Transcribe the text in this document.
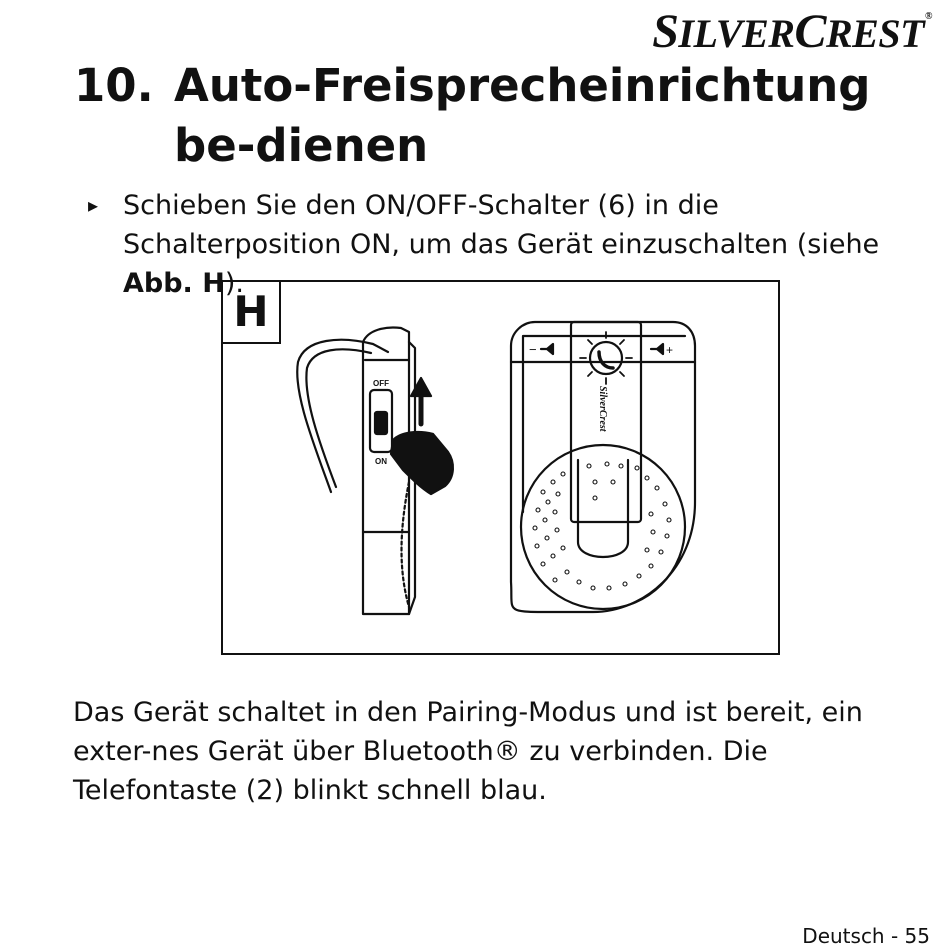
SILVERCREST®
10. Auto-Freisprecheinrichtung be-dienen
▸ Schieben Sie den ON/OFF-Schalter (6) in die Schalterposition ON, um das Gerät einzuschalten (siehe Abb. H).
OFF
ON
−	+
SilverCrest
H
Das Gerät schaltet in den Pairing-Modus und ist bereit, ein exter-nes Gerät über Bluetooth® zu verbinden. Die Telefontaste (2) blinkt schnell blau.
Deutsch - 55
